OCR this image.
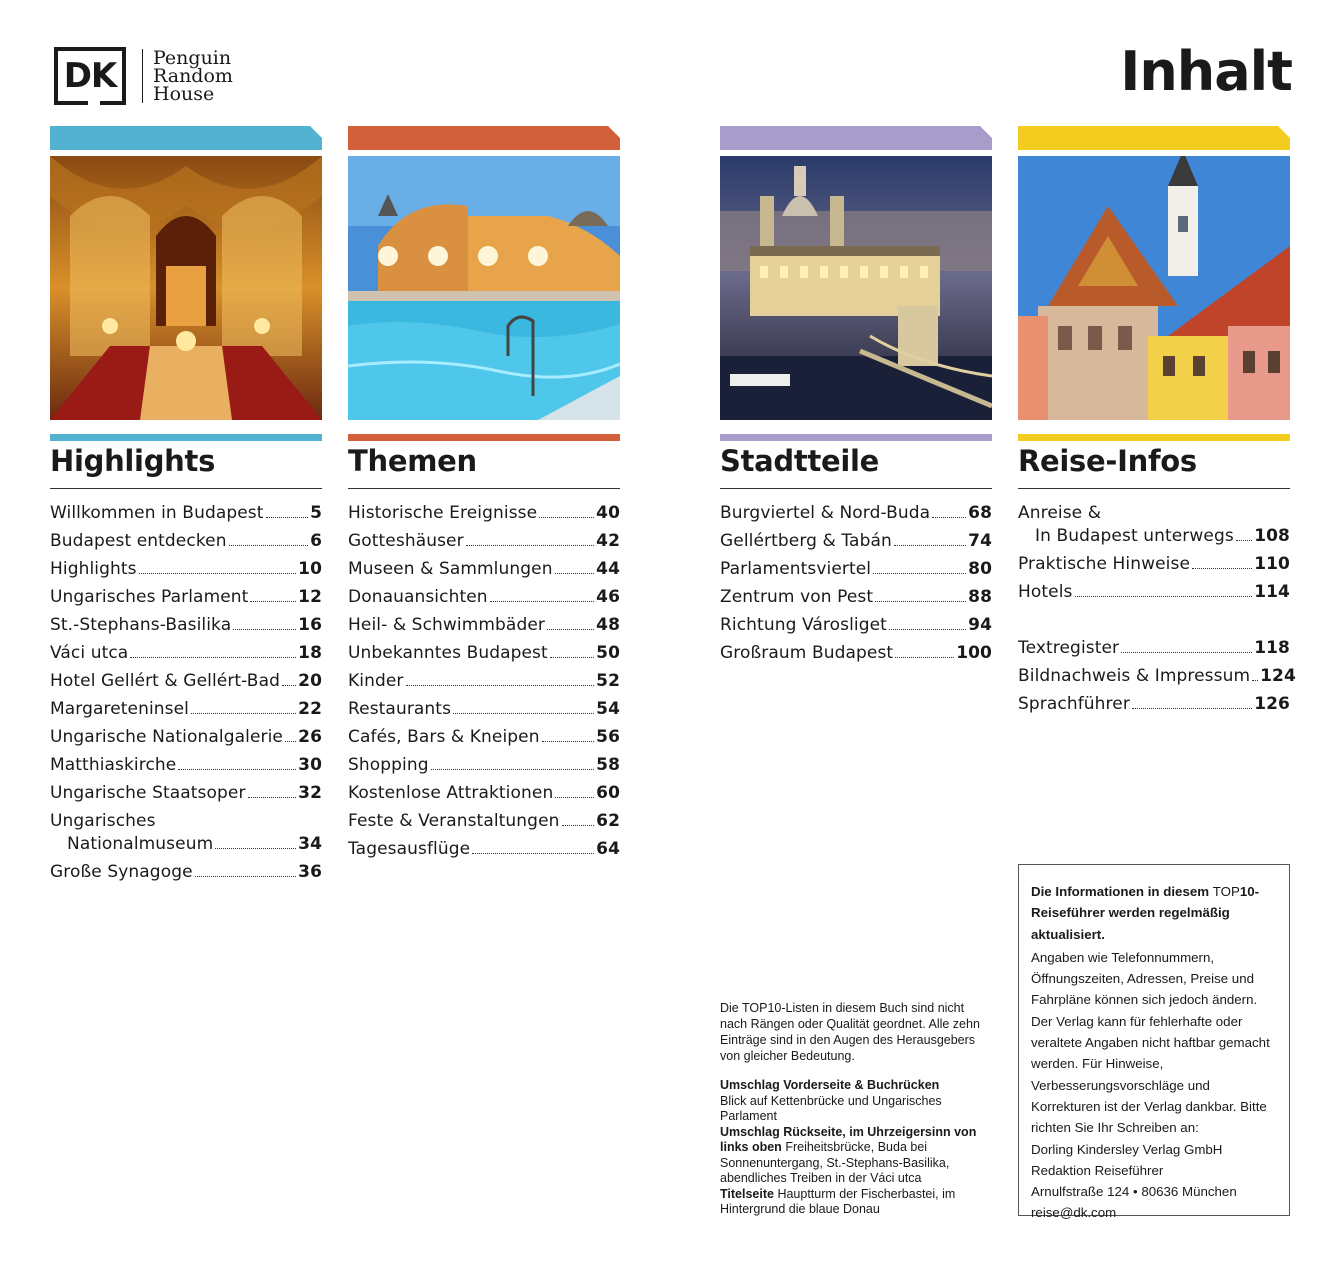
DK	Penguin
Random
House	Inhalt
Highlights
Willkommen in Budapest	5
Budapest entdecken	6
Highlights	10
Ungarisches Parlament	12
St.-Stephans-Basilika	16
Váci utca	18
Hotel Gellért & Gellért-Bad 20
Margareteninsel	22
Ungarische Nationalgalerie 26
Matthiaskirche	30
Ungarische Staatsoper	32
Ungarisches
Nationalmuseum	34
Große Synagoge	36
Themen
Historische Ereignisse	40
Gotteshäuser	42
Museen & Sammlungen	44
Donauansichten	46
Heil- & Schwimmbäder	48
Unbekanntes Budapest	50
Kinder	52
Restaurants	54
Cafés, Bars & Kneipen	56
Shopping	58
Kostenlose Attraktionen	60
Feste & Veranstaltungen 62
Tagesausflüge	64
Stadtteile
Burgviertel & Nord-Buda 68
Gellértberg & Tabán	74
Parlamentsviertel	80
Zentrum von Pest	88
Richtung Városliget	94
Großraum Budapest	100
Reise-Infos
Anreise &
In Budapest unterwegs 108
Praktische Hinweise	110
Hotels	114
Textregister	118
Bildnachweis & Impressum 124
Sprachführer	126

Die TOP10-Listen in diesem Buch sind nicht nach Rängen oder Qualität geordnet. Alle zehn Einträge sind in den Augen des Herausgebers von gleicher Bedeutung.

Umschlag Vorderseite & Buchrücken
Blick auf Kettenbrücke und Ungarisches Parlament
Umschlag Rückseite, im Uhrzeigersinn von links oben Freiheitsbrücke, Buda bei Sonnenuntergang, St.-Stephans-Basilika, abendliches Treiben in der Váci utca
Titelseite Hauptturm der Fischerbastei, im Hintergrund die blaue Donau
Die Informationen in diesem TOP10-Reiseführer werden regelmäßig aktualisiert.
Angaben wie Telefonnummern, Öffnungszeiten, Adressen, Preise und Fahrpläne können sich jedoch ändern. Der Verlag kann für fehlerhafte oder veraltete Angaben nicht haftbar gemacht werden. Für Hinweise, Verbesserungsvorschläge und Korrekturen ist der Verlag dankbar. Bitte richten Sie Ihr Schreiben an:
Dorling Kindersley Verlag GmbH
Redaktion Reiseführer
Arnulfstraße 124 • 80636 München
reise@dk.com
